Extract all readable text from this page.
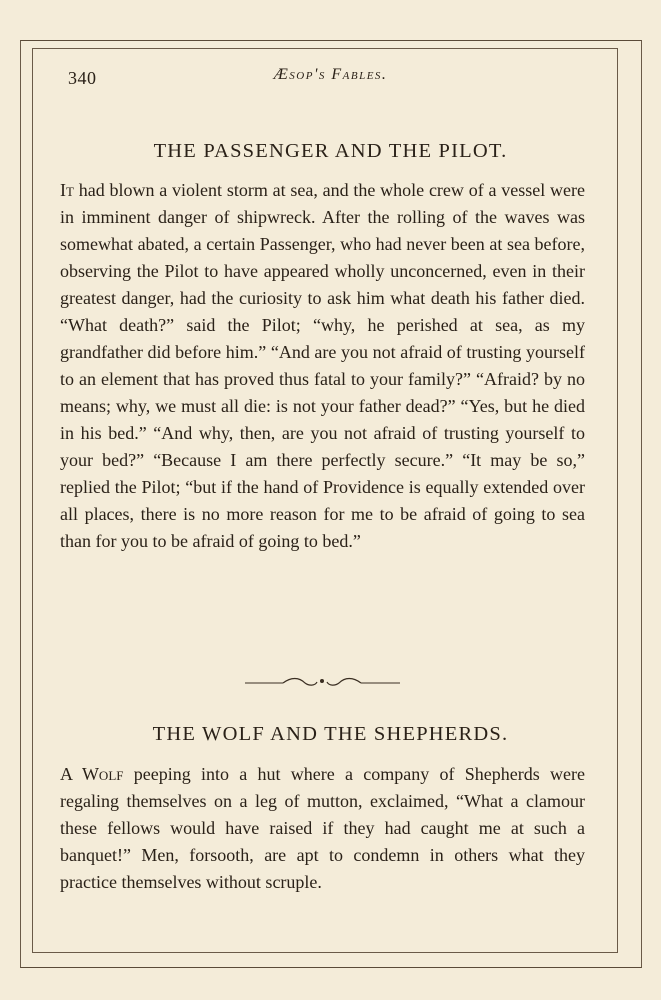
340	Æsop's Fables.
THE PASSENGER AND THE PILOT.

It had blown a violent storm at sea, and the whole crew of a vessel were in imminent danger of shipwreck. After the rolling of the waves was somewhat abated, a certain Passenger, who had never been at sea before, observing the Pilot to have appeared wholly unconcerned, even in their greatest danger, had the curiosity to ask him what death his father died. “What death?” said the Pilot; “why, he perished at sea, as my grandfather did before him.” “And are you not afraid of trusting yourself to an element that has proved thus fatal to your family?” “Afraid? by no means; why, we must all die: is not your father dead?” “Yes, but he died in his bed.” “And why, then, are you not afraid of trusting yourself to your bed?” “Because I am there perfectly secure.” “It may be so,” replied the Pilot; “but if the hand of Providence is equally extended over all places, there is no more reason for me to be afraid of going to sea than for you to be afraid of going to bed.”

THE WOLF AND THE SHEPHERDS.

A Wolf peeping into a hut where a company of Shepherds were regaling themselves on a leg of mutton, exclaimed, “What a clamour these fellows would have raised if they had caught me at such a banquet!” Men, forsooth, are apt to condemn in others what they practice themselves without scruple.
